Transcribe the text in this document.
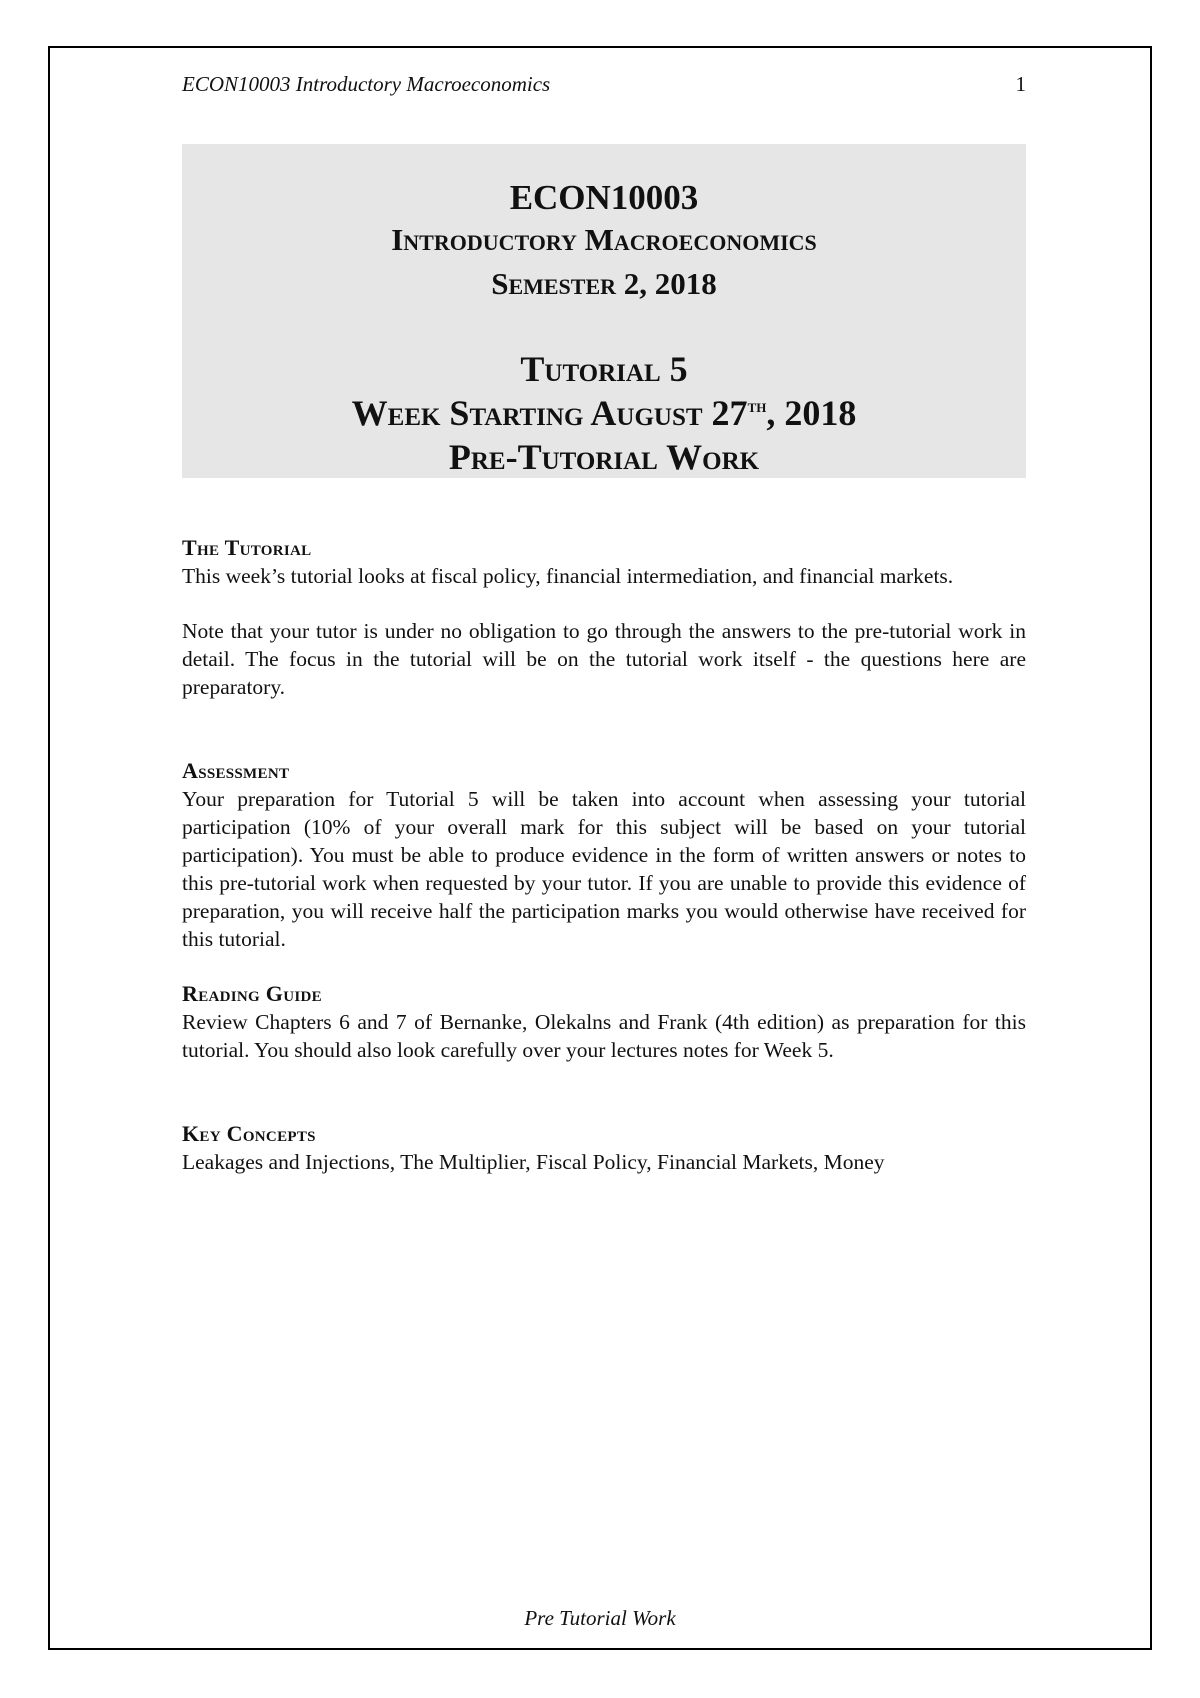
ECON10003 Introductory Macroeconomics	1
ECON10003
Introductory Macroeconomics
Semester 2, 2018
Tutorial 5
Week Starting August 27th, 2018
Pre-Tutorial Work
The Tutorial

This week’s tutorial looks at fiscal policy, financial intermediation, and financial markets.

Note that your tutor is under no obligation to go through the answers to the pre-tutorial work in detail. The focus in the tutorial will be on the tutorial work itself - the questions here are preparatory.

Assessment

Your preparation for Tutorial 5 will be taken into account when assessing your tutorial participation (10% of your overall mark for this subject will be based on your tutorial participation). You must be able to produce evidence in the form of written answers or notes to this pre-tutorial work when requested by your tutor. If you are unable to provide this evidence of preparation, you will receive half the participation marks you would otherwise have received for this tutorial.

Reading Guide

Review Chapters 6 and 7 of Bernanke, Olekalns and Frank (4th edition) as preparation for this tutorial. You should also look carefully over your lectures notes for Week 5.

Key Concepts

Leakages and Injections, The Multiplier, Fiscal Policy, Financial Markets, Money

Pre Tutorial Work
